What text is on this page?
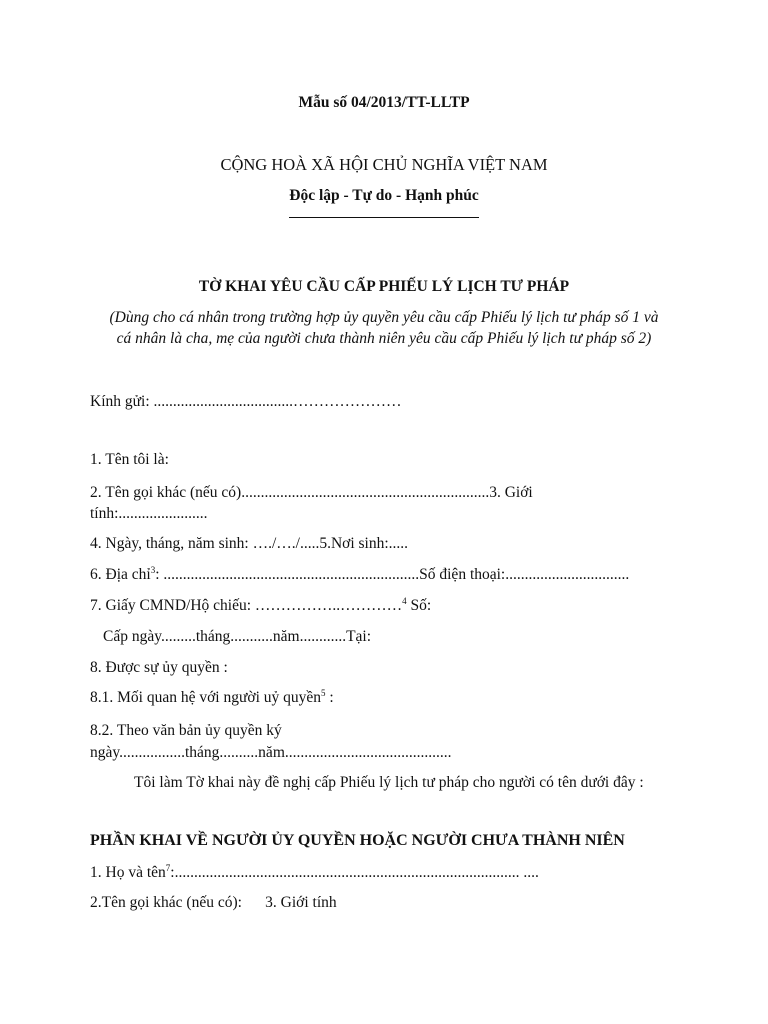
Mẫu số 04/2013/TT-LLTP
CỘNG HOÀ XÃ HỘI CHỦ NGHĨA VIỆT NAM
Độc lập - Tự do - Hạnh phúc
TỜ KHAI YÊU CẦU CẤP PHIẾU LÝ LỊCH TƯ PHÁP
(Dùng cho cá nhân trong trường hợp ủy quyền yêu cầu cấp Phiếu lý lịch tư pháp số 1 và
cá nhân là cha, mẹ của người chưa thành niên yêu cầu cấp Phiếu lý lịch tư pháp số 2)
Kính gửi: ....................................…………………
1. Tên tôi là:
2. Tên gọi khác (nếu có)................................................................3. Giới
tính:.......................
4. Ngày, tháng, năm sinh: …./…./.....5.Nơi sinh:.....
6. Địa chỉ$^3$: ..................................................................Số điện thoại:................................
7. Giấy CMND/Hộ chiếu: ……………..…………$^4$ Số:
Cấp ngày.........tháng...........năm............Tại:
8. Được sự ủy quyền :
8.1. Mối quan hệ với người uỷ quyền$^5$ :
8.2. Theo văn bản ủy quyền ký
ngày.................tháng..........năm...........................................
Tôi làm Tờ khai này đề nghị cấp Phiếu lý lịch tư pháp cho người có tên dưới đây :
PHẦN KHAI VỀ NGƯỜI ỦY QUYỀN HOẶC NGƯỜI CHƯA THÀNH NIÊN
1. Họ và tên$^7$:......................................................................................... ....
2.Tên gọi khác (nếu có):      3. Giới tính
